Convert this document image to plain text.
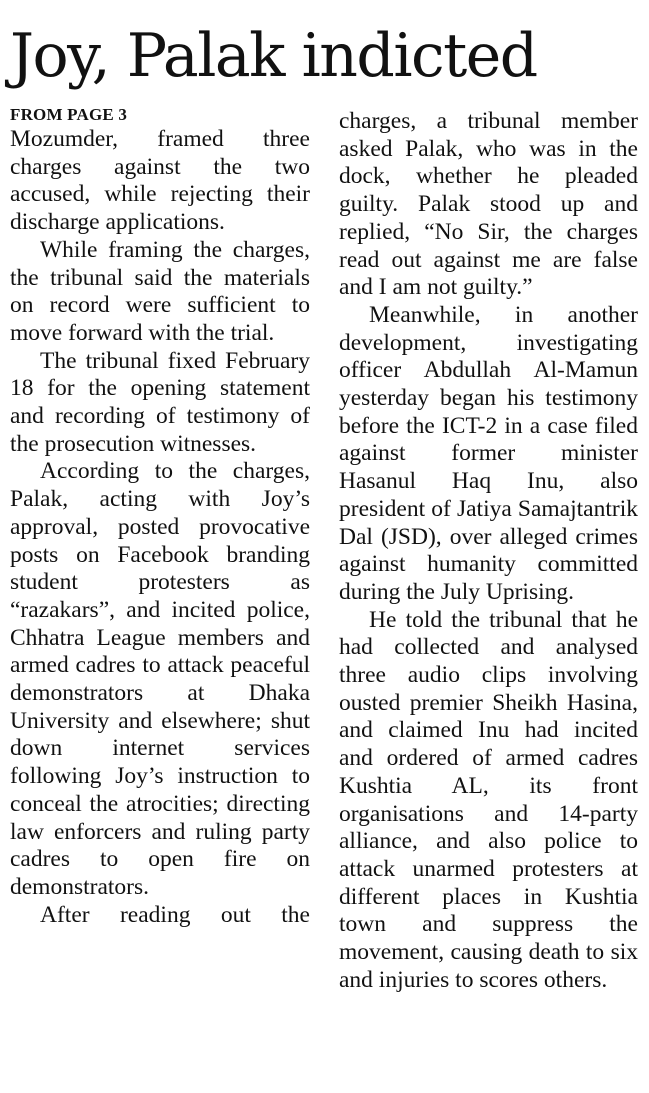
Joy, Palak indicted
FROM PAGE 3

Mozumder, framed three charges against the two accused, while rejecting their discharge applications.

While framing the charges, the tribunal said the materials on record were sufficient to move forward with the trial.

The tribunal fixed February 18 for the opening statement and recording of testimony of the prosecution witnesses.

According to the charges, Palak, acting with Joy’s approval, posted provocative posts on Facebook branding student protesters as “razakars”, and incited police, Chhatra League members and armed cadres to attack peaceful demonstrators at Dhaka University and elsewhere; shut down internet services following Joy’s instruction to conceal the atrocities; directing law enforcers and ruling party cadres to open fire on demonstrators.

After reading out the

charges, a tribunal member asked Palak, who was in the dock, whether he pleaded guilty. Palak stood up and replied, “No Sir, the charges read out against me are false and I am not guilty.”

Meanwhile, in another development, investigating officer Abdullah Al-Mamun yesterday began his testimony before the ICT-2 in a case filed against former minister Hasanul Haq Inu, also president of Jatiya Samajtantrik Dal (JSD), over alleged crimes against humanity committed during the July Uprising.

He told the tribunal that he had collected and analysed three audio clips involving ousted premier Sheikh Hasina, and claimed Inu had incited and ordered of armed cadres Kushtia AL, its front organisations and 14-party alliance, and also police to attack unarmed protesters at different places in Kushtia town and suppress the movement, causing death to six and injuries to scores others.
